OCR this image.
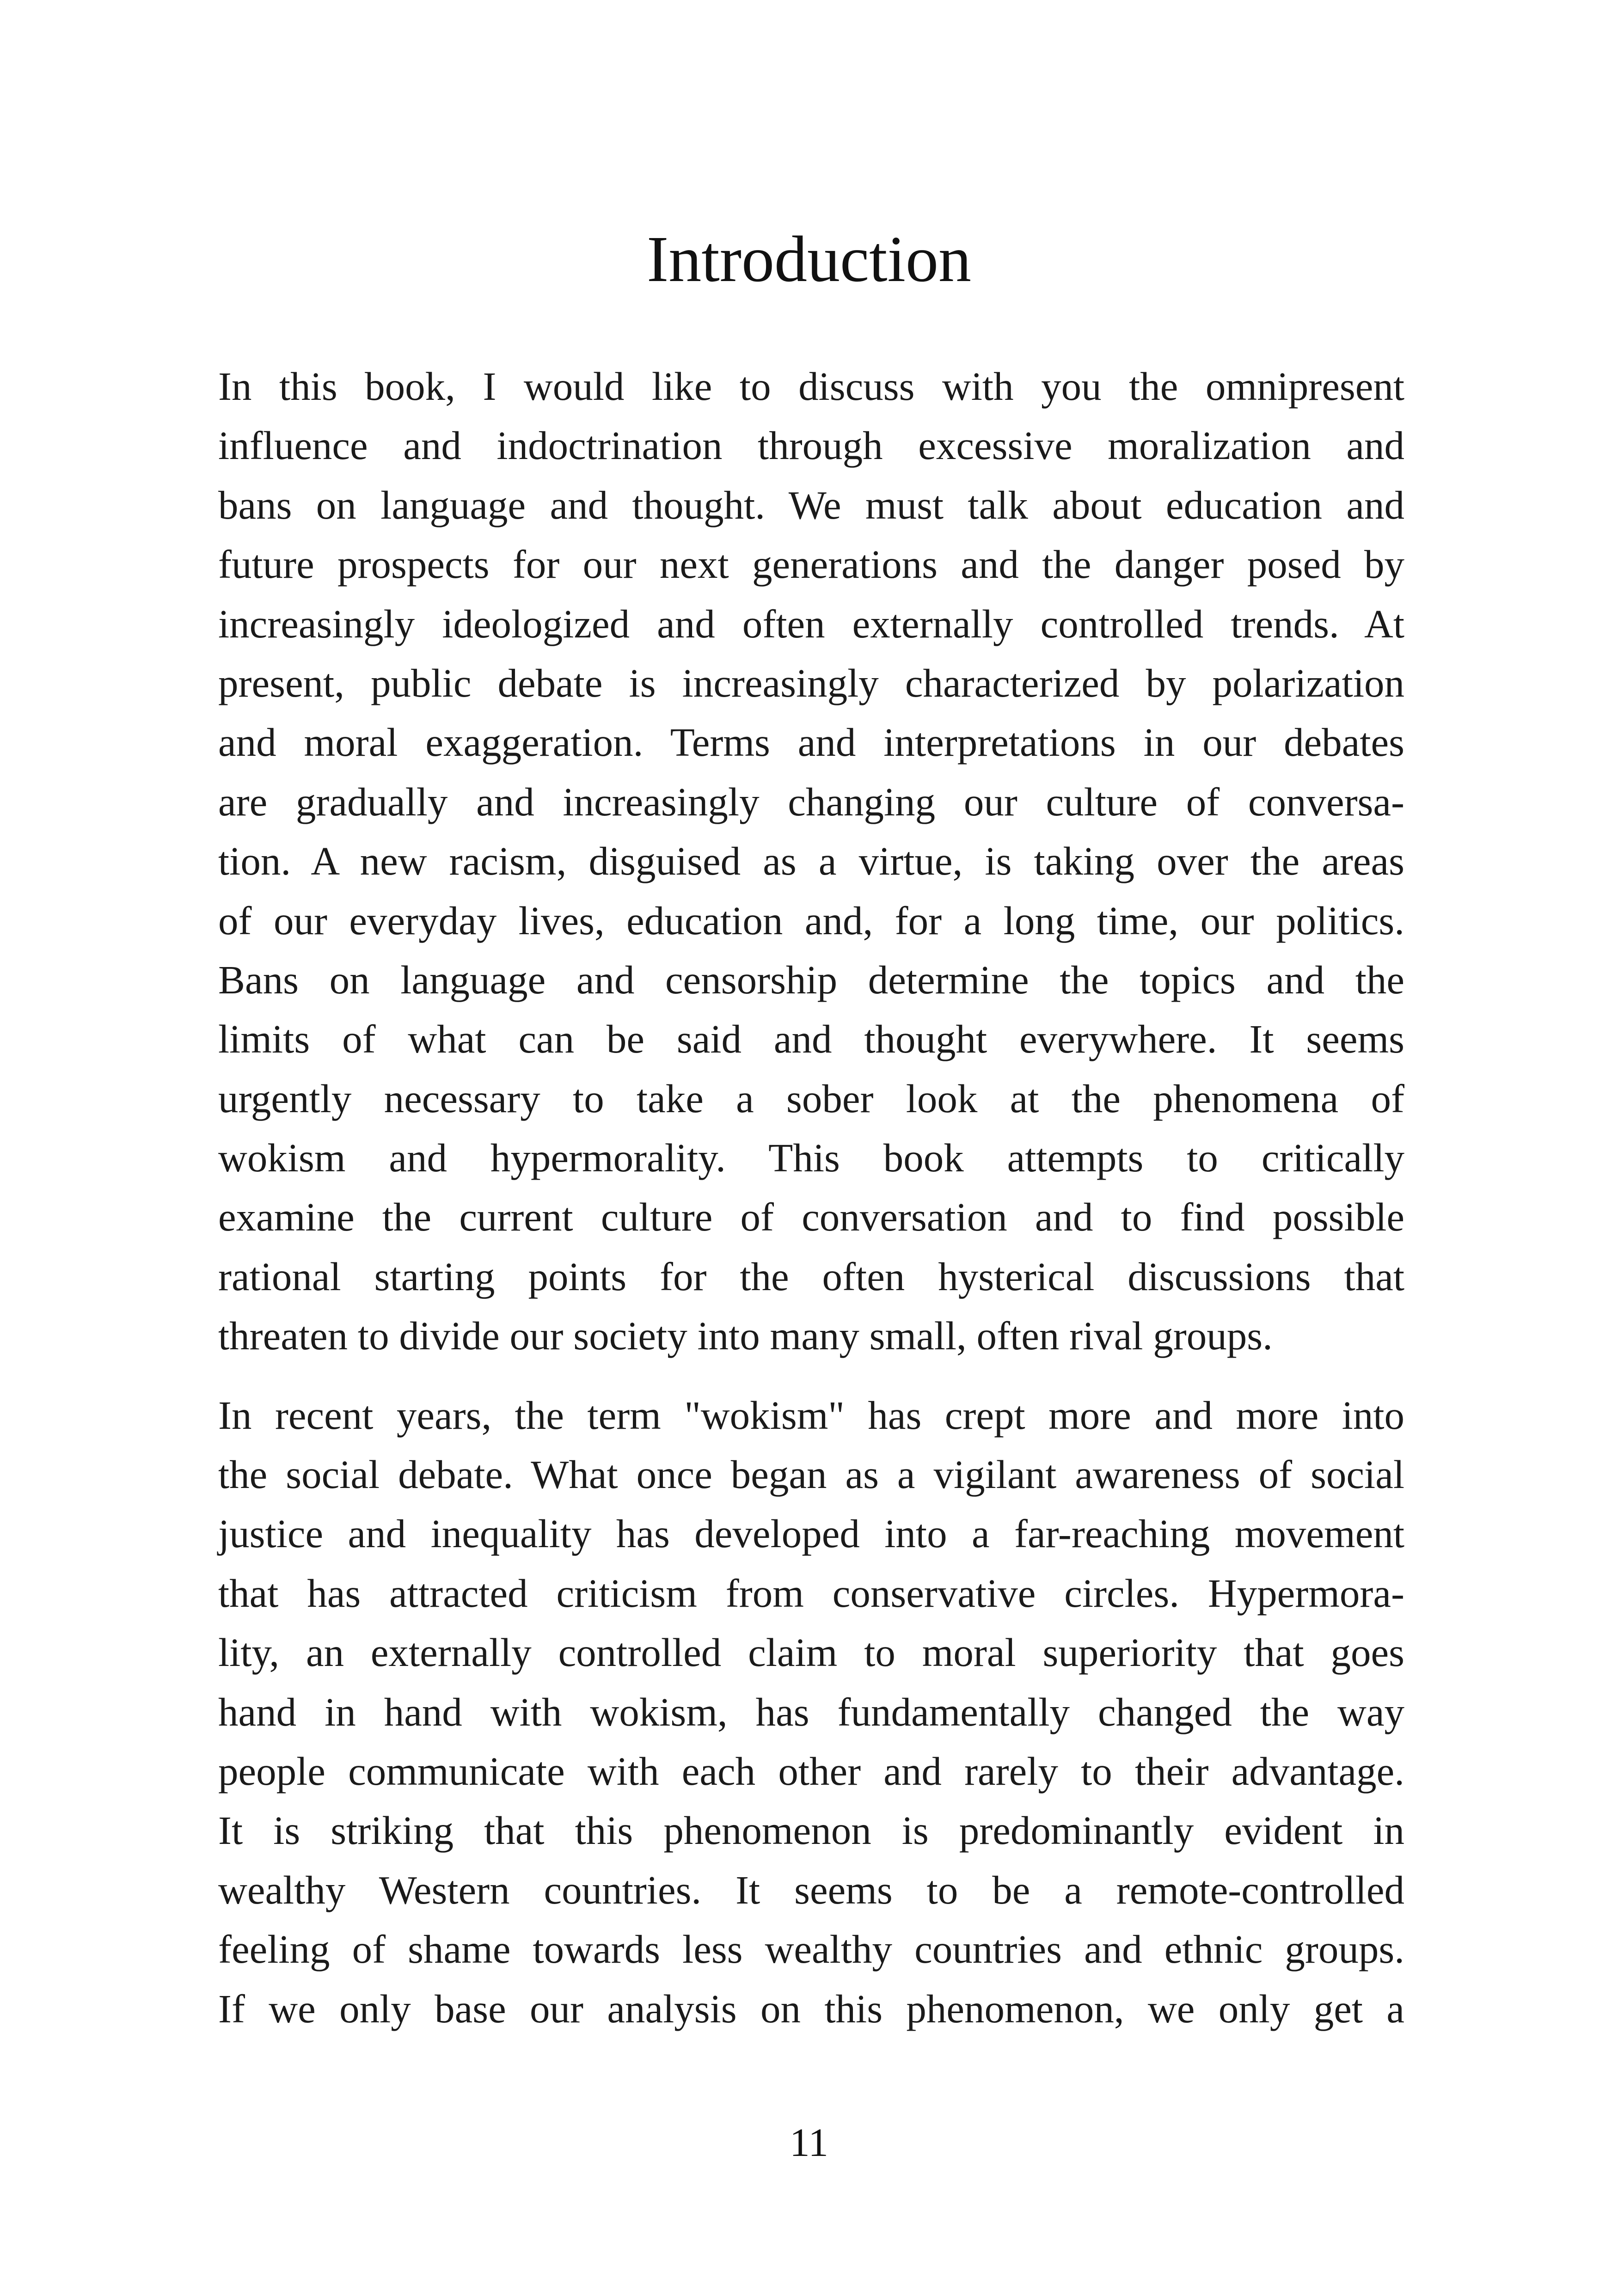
Introduction

In this book, I would like to discuss with you the omnipresent
influence and indoctrination through excessive moralization and
bans on language and thought. We must talk about education and
future prospects for our next generations and the danger posed by
increasingly ideologized and often externally controlled trends. At
present, public debate is increasingly characterized by polarization
and moral exaggeration. Terms and interpretations in our debates
are gradually and increasingly changing our culture of conversa-
tion. A new racism, disguised as a virtue, is taking over the areas
of our everyday lives, education and, for a long time, our politics.
Bans on language and censorship determine the topics and the
limits of what can be said and thought everywhere. It seems
urgently necessary to take a sober look at the phenomena of
wokism and hypermorality. This book attempts to critically
examine the current culture of conversation and to find possible
rational starting points for the often hysterical discussions that
threaten to divide our society into many small, often rival groups.

In recent years, the term "wokism" has crept more and more into
the social debate. What once began as a vigilant awareness of social
justice and inequality has developed into a far-reaching movement
that has attracted criticism from conservative circles. Hypermora-
lity, an externally controlled claim to moral superiority that goes
hand in hand with wokism, has fundamentally changed the way
people communicate with each other and rarely to their advantage.
It is striking that this phenomenon is predominantly evident in
wealthy Western countries. It seems to be a remote-controlled
feeling of shame towards less wealthy countries and ethnic groups.
If we only base our analysis on this phenomenon, we only get a

11
